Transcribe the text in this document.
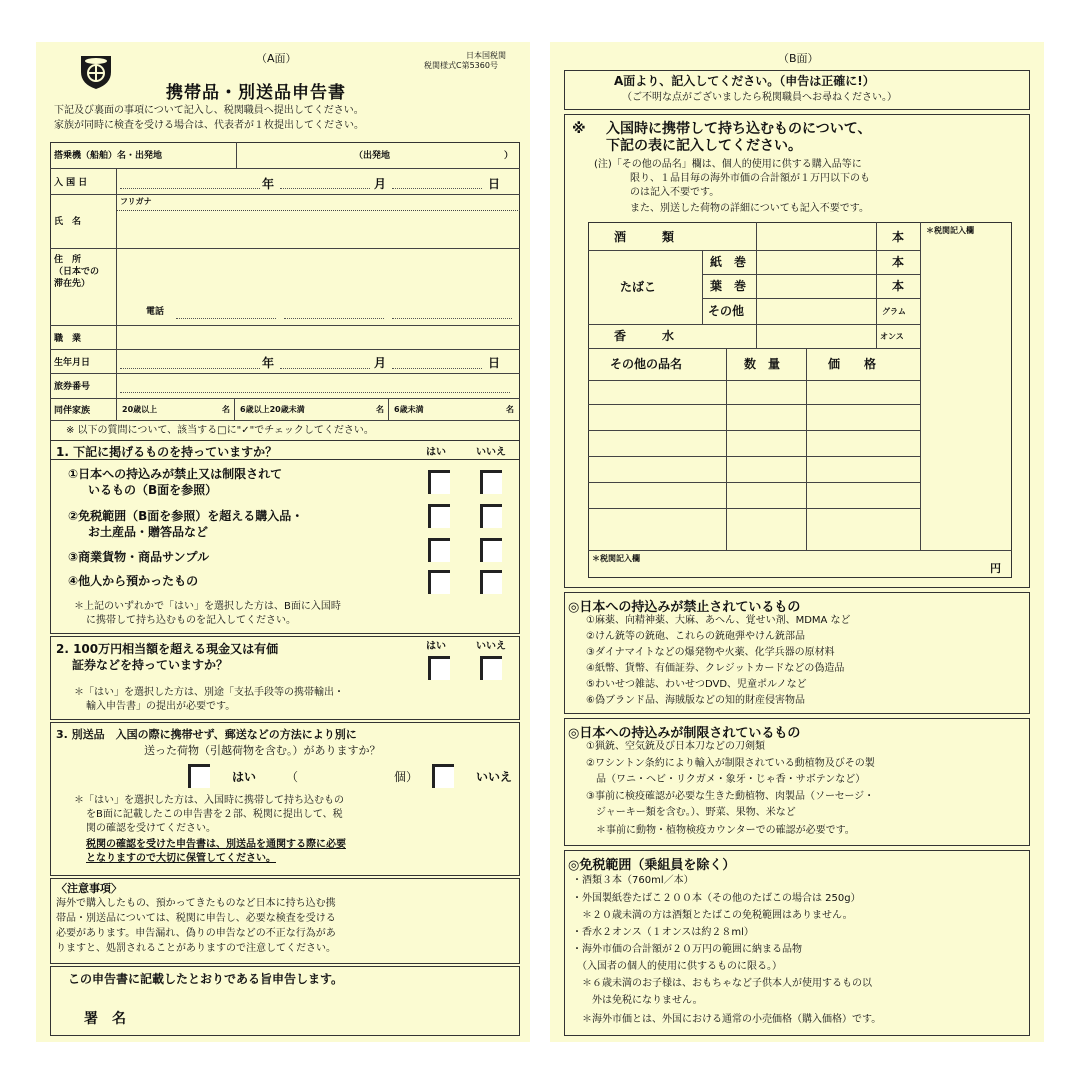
（A面）	日本国税関
税関様式C第5360号
携帯品・別送品申告書
下記及び裏面の事項について記入し、税関職員へ提出してください。
家族が同時に検査を受ける場合は、代表者が１枚提出してください。
搭乗機（船舶）名・出発地	（出発地	）
入 国 日	年	月	日
フリガナ
氏　名
住　所
（日本での
滞在先）
電話
職　業
生年月日	年	月	日
旅券番号
同伴家族	20歳以上	名 6歳以上20歳未満	名 6歳未満	名
※ 以下の質問について、該当する□に"✓"でチェックしてください。
1. 下記に掲げるものを持っていますか？	はい	いいえ
①日本への持込みが禁止又は制限されて
いるもの（B面を参照）
②免税範囲（B面を参照）を超える購入品・
お土産品・贈答品など
③商業貨物・商品サンプル
④他人から預かったもの
＊上記のいずれかで「はい」を選択した方は、B面に入国時
に携帯して持ち込むものを記入してください。
2. 100万円相当額を超える現金又は有価
証券などを持っていますか？
はい	いいえ
＊「はい」を選択した方は、別途「支払手段等の携帯輸出・
輸入申告書」の提出が必要です。
3. 別送品　入国の際に携帯せず、郵送などの方法により別に
送った荷物（引越荷物を含む。）がありますか？
はい （	個）	いいえ
＊「はい」を選択した方は、入国時に携帯して持ち込むもの
をB面に記載したこの申告書を２部、税関に提出して、税
関の確認を受けてください。
税関の確認を受けた申告書は、別送品を通関する際に必要
となりますので大切に保管してください。
〈注意事項〉
海外で購入したもの、預かってきたものなど日本に持ち込む携
帯品・別送品については、税関に申告し、必要な検査を受ける
必要があります。申告漏れ、偽りの申告などの不正な行為があ
りますと、処罰されることがありますので注意してください。
この申告書に記載したとおりである旨申告します。
署　名
（B面）
A面より、記入してください。（申告は正確に!）
（ご不明な点がございましたら税関職員へお尋ねください。）
※ 入国時に携帯して持ち込むものについて、
下記の表に記入してください。
(注)「その他の品名」欄は、個人的使用に供する購入品等に
限り、１品目毎の海外市価の合計額が１万円以下のも
のは記入不要です。
また、別送した荷物の詳細についても記入不要です。
＊税関記入欄
酒　　　類	本
たばこ
紙　巻	本
葉　巻	本
その他	グラム
香　　　水	オンス
その他の品名	数　量	価　　格
＊税関記入欄
円
◎日本への持込みが禁止されているもの
①麻薬、向精神薬、大麻、あへん、覚せい剤、MDMA など
②けん銃等の銃砲、これらの銃砲弾やけん銃部品
③ダイナマイトなどの爆発物や火薬、化学兵器の原材料
④紙幣、貨幣、有価証券、クレジットカードなどの偽造品
⑤わいせつ雑誌、わいせつDVD、児童ポルノなど
⑥偽ブランド品、海賊版などの知的財産侵害物品
◎日本への持込みが制限されているもの
①猟銃、空気銃及び日本刀などの刀剣類
②ワシントン条約により輸入が制限されている動植物及びその製
　品（ワニ・ヘビ・リクガメ・象牙・じゃ香・サボテンなど）
③事前に検疫確認が必要な生きた動植物、肉製品（ソーセージ・
　ジャーキー類を含む。）、野菜、果物、米など
　＊事前に動物・植物検疫カウンターでの確認が必要です。
◎免税範囲（乗組員を除く）
・酒類３本（760ml／本）
・外国製紙巻たばこ２００本（その他のたばこの場合は 250g）
　＊２０歳未満の方は酒類とたばこの免税範囲はありません。
・香水２オンス（１オンスは約２８ml）
・海外市価の合計額が２０万円の範囲に納まる品物
　（入国者の個人的使用に供するものに限る。）
　＊６歳未満のお子様は、おもちゃなど子供本人が使用するもの以
　　外は免税になりません。
　＊海外市価とは、外国における通常の小売価格（購入価格）です。
